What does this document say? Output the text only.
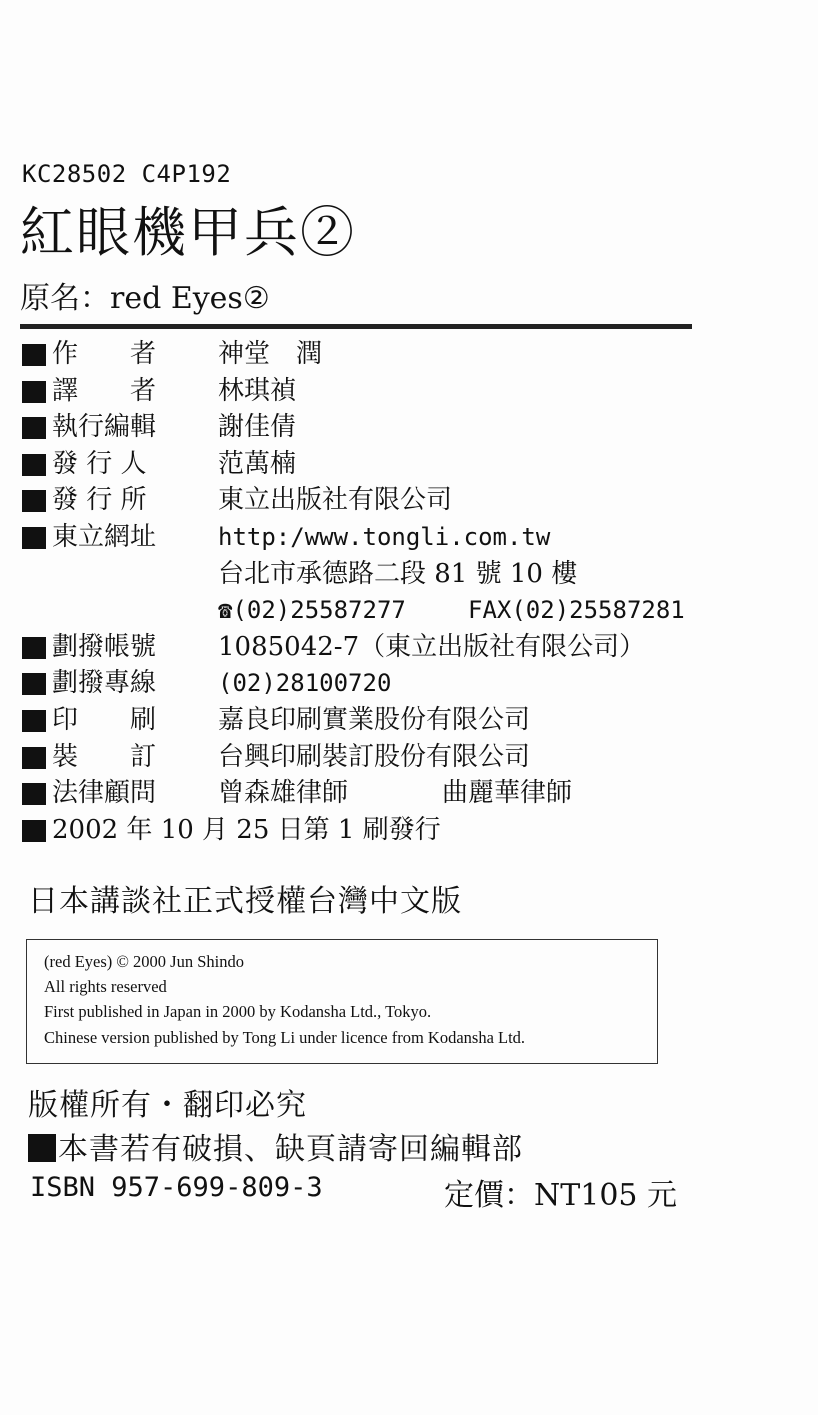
KC28502 C4P192
紅眼機甲兵②
原名：red Eyes②
作　　者 神堂　潤
譯　　者 林琪禎
執行編輯 謝佳倩
發 行 人	范萬楠
發 行 所	東立出版社有限公司
東立網址	http:/www.tongli.com.tw
台北市承德路二段 81 號 10 樓
☎(02)25587277	FAX(02)25587281
劃撥帳號 1085042-7（東立出版社有限公司）
劃撥專線	(02)28100720
印　　刷 嘉良印刷實業股份有限公司
裝　　訂 台興印刷裝訂股份有限公司
法律顧問 曾森雄律師	曲麗華律師
2002 年 10 月 25 日第 1 刷發行
日本講談社正式授權台灣中文版
(red Eyes) © 2000 Jun Shindo
All rights reserved
First published in Japan in 2000 by Kodansha Ltd., Tokyo.
Chinese version published by Tong Li under licence from Kodansha Ltd.
版權所有・翻印必究
本書若有破損、缺頁請寄回編輯部
ISBN 957-699-809-3	定價：NT105 元
